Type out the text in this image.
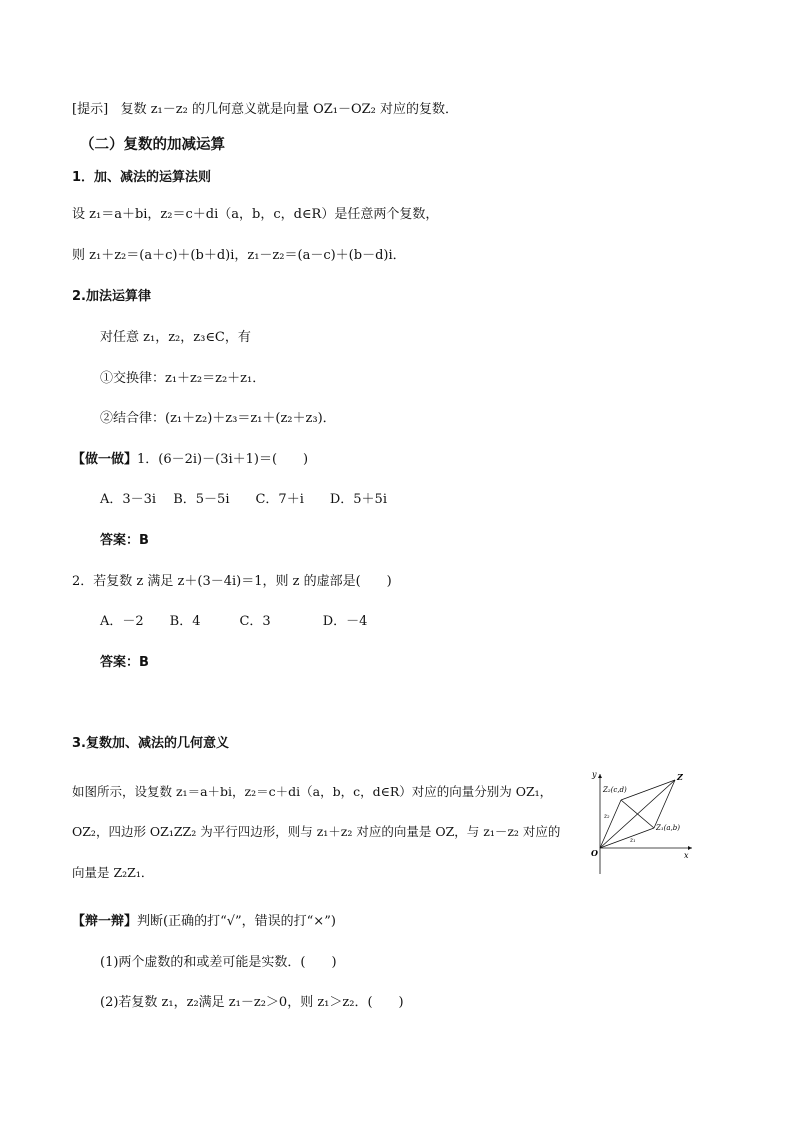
[提示] 复数 z₁－z₂ 的几何意义就是向量 OZ₁－OZ₂ 对应的复数．
（二）复数的加减运算
1．加、减法的运算法则
设 z₁＝a＋bi，z₂＝c＋di（a，b，c，d∈R）是任意两个复数，
则 z₁＋z₂＝(a＋c)＋(b＋d)i，z₁－z₂＝(a－c)＋(b－d)i．
2.加法运算律
对任意 z₁，z₂，z₃∈C，有
①交换律：z₁＋z₂＝z₂＋z₁．
②结合律：(z₁＋z₂)＋z₃＝z₁＋(z₂＋z₃)．
【做一做】1．(6－2i)－(3i＋1)＝(　　)
A．3－3i　 B．5－5i　　C．7＋i　　D．5＋5i
答案：B
2．若复数 z 满足 z＋(3－4i)＝1，则 z 的虚部是(　　)
A．－2　　B．4　　　C．3　　　　D．－4
答案：B
3.复数加、减法的几何意义
如图所示，设复数 z₁＝a＋bi，z₂＝c＋di（a，b，c，d∈R）对应的向量分别为 OZ₁，
OZ₂，四边形 OZ₁ZZ₂ 为平行四边形，则与 z₁＋z₂ 对应的向量是 OZ，与 z₁－z₂ 对应的
向量是 Z₂Z₁．
y
x
O
Z
Z₂(c,d)
Z₁(a,b)
z₂
z₁
【辩一辩】判断(正确的打“√”，错误的打“×”)
(1)两个虚数的和或差可能是实数．(　　)
(2)若复数 z₁，z₂满足 z₁－z₂＞0，则 z₁＞z₂．(　　)
